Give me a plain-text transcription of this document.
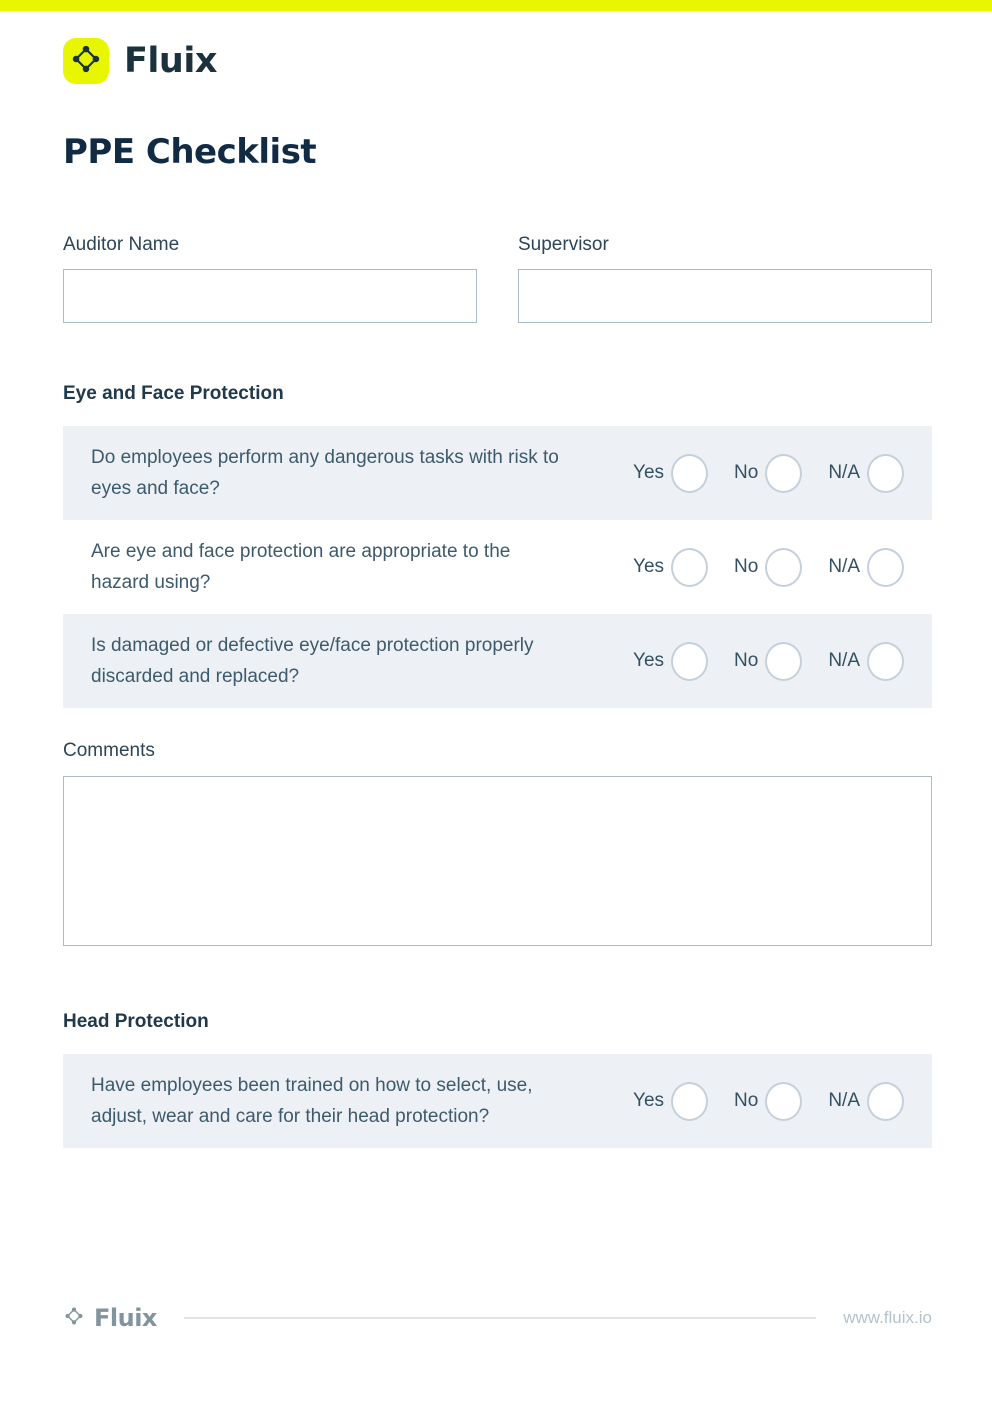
Fluix
PPE Checklist
Auditor Name	Supervisor
Eye and Face Protection
Do employees perform any dangerous tasks with risk to eyes and face?
Yes	No	N/A
Are eye and face protection are appropriate to the hazard using?
Yes	No	N/A
Is damaged or defective eye/face protection properly discarded and replaced?
Yes	No	N/A
Comments
Head Protection
Have employees been trained on how to select, use, adjust, wear and care for their head protection?
Yes	No	N/A
Fluix	www.fluix.io
